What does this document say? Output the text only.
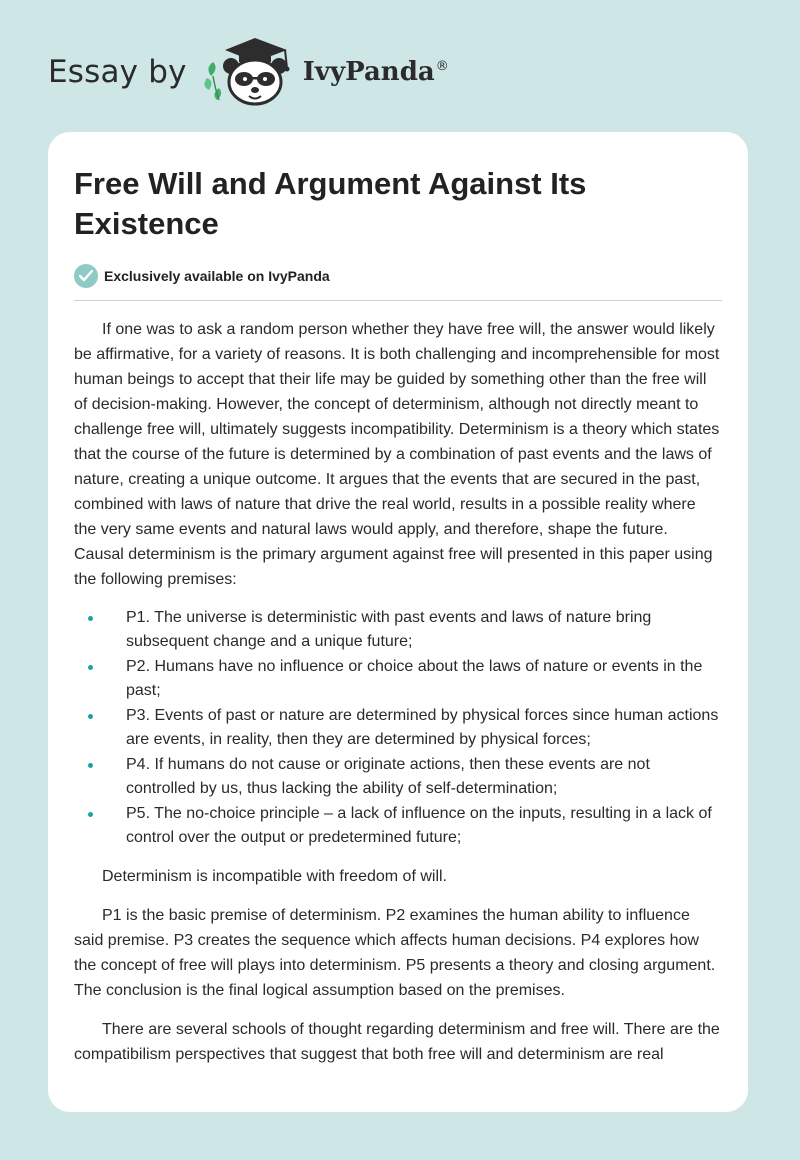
Essay by	IvyPanda®
Free Will and Argument Against Its Existence
Exclusively available on IvyPanda

If one was to ask a random person whether they have free will, the answer would likely be affirmative, for a variety of reasons. It is both challenging and incomprehensible for most human beings to accept that their life may be guided by something other than the free will of decision-making. However, the concept of determinism, although not directly meant to challenge free will, ultimately suggests incompatibility. Determinism is a theory which states that the course of the future is determined by a combination of past events and the laws of nature, creating a unique outcome. It argues that the events that are secured in the past, combined with laws of nature that drive the real world, results in a possible reality where the very same events and natural laws would apply, and therefore, shape the future. Causal determinism is the primary argument against free will presented in this paper using the following premises:

P1. The universe is deterministic with past events and laws of nature bring subsequent change and a unique future;
P2. Humans have no influence or choice about the laws of nature or events in the past;
P3. Events of past or nature are determined by physical forces since human actions are events, in reality, then they are determined by physical forces;
P4. If humans do not cause or originate actions, then these events are not controlled by us, thus lacking the ability of self-determination;
P5. The no-choice principle – a lack of influence on the inputs, resulting in a lack of control over the output or predetermined future;

Determinism is incompatible with freedom of will.

P1 is the basic premise of determinism. P2 examines the human ability to influence said premise. P3 creates the sequence which affects human decisions. P4 explores how the concept of free will plays into determinism. P5 presents a theory and closing argument. The conclusion is the final logical assumption based on the premises.

There are several schools of thought regarding determinism and free will. There are the compatibilism perspectives that suggest that both free will and determinism are real
